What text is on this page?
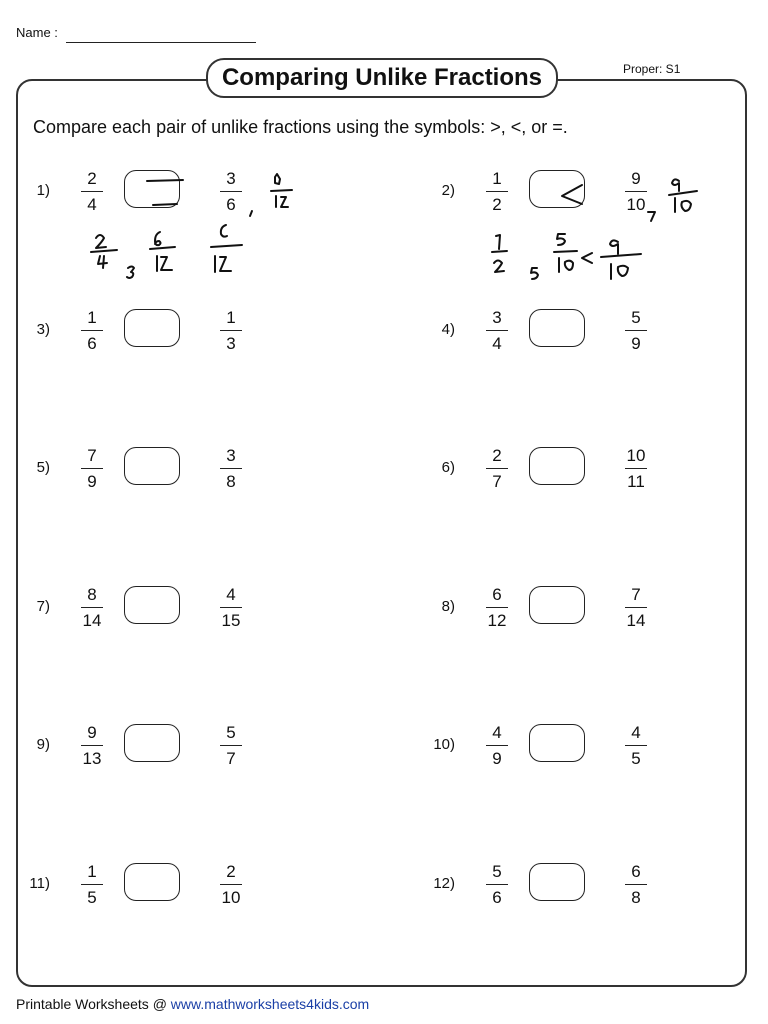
Name :
Proper: S1
Comparing Unlike Fractions
Compare each pair of unlike fractions using the symbols: >, <, or =.
1)
2
4
3
6
2)
1
2
9
10
3)
1
6
1
3
4)
3
4
5
9
5)
7
9
3
8
6)
2
7
10
11
7)
8
14
4
15
8)
6
12
7
14
9)
9
13
5
7
10)
4
9
4
5
11)
1
5
2
10
12)
5
6
6
8
Printable Worksheets @ www.mathworksheets4kids.com
